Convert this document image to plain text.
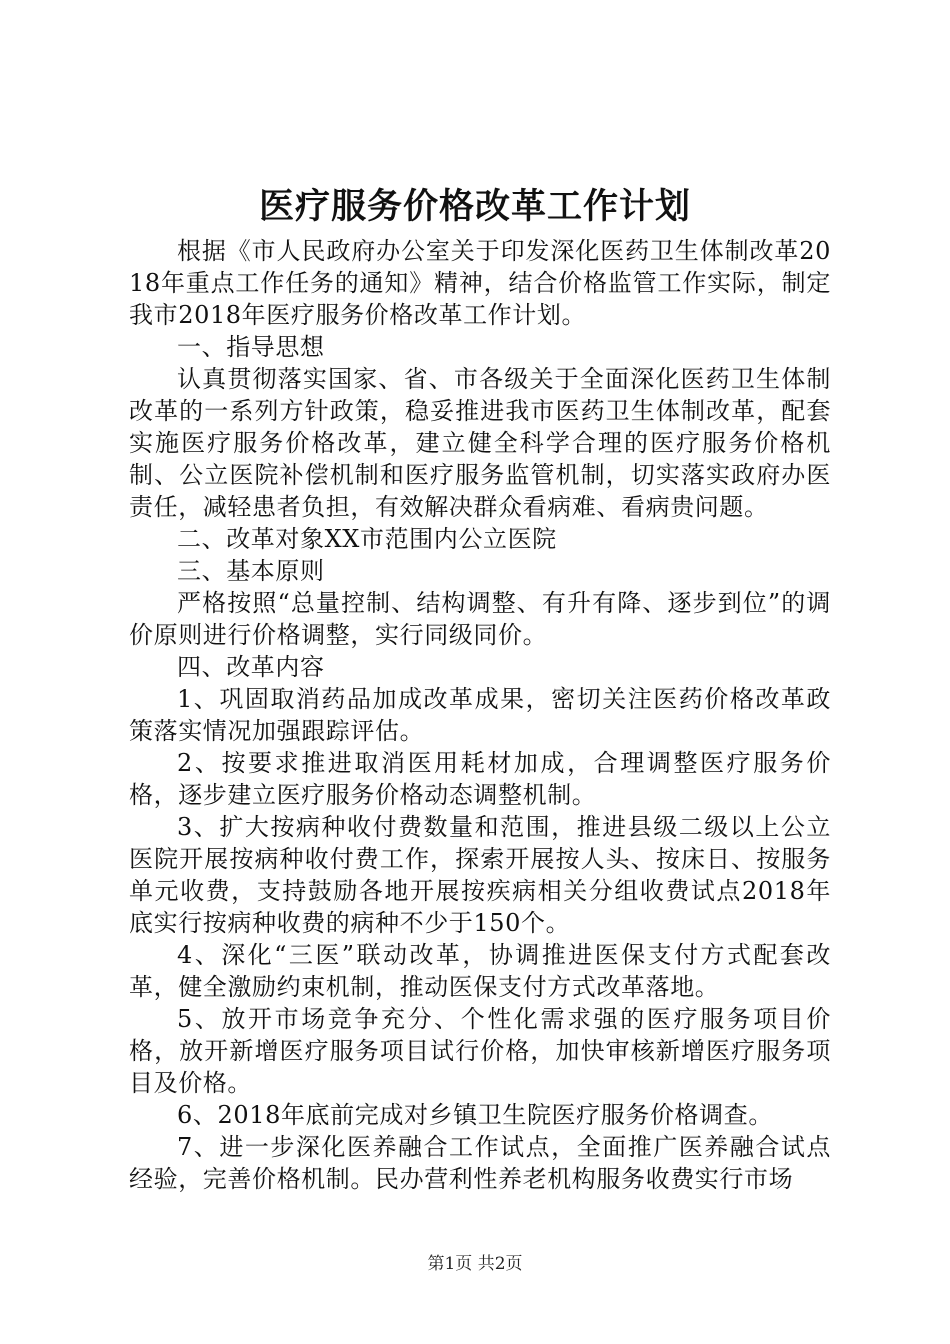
医疗服务价格改革工作计划

根据《市人民政府办公室关于印发深化医药卫生体制改革2018年重点工作任务的通知》精神，结合价格监管工作实际，制定我市2018年医疗服务价格改革工作计划。

一、指导思想

认真贯彻落实国家、省、市各级关于全面深化医药卫生体制改革的一系列方针政策，稳妥推进我市医药卫生体制改革，配套实施医疗服务价格改革，建立健全科学合理的医疗服务价格机制、公立医院补偿机制和医疗服务监管机制，切实落实政府办医责任，减轻患者负担，有效解决群众看病难、看病贵问题。

二、改革对象XX市范围内公立医院

三、基本原则

严格按照“总量控制、结构调整、有升有降、逐步到位”的调价原则进行价格调整，实行同级同价。

四、改革内容

1、巩固取消药品加成改革成果，密切关注医药价格改革政策落实情况加强跟踪评估。

2、按要求推进取消医用耗材加成，合理调整医疗服务价格，逐步建立医疗服务价格动态调整机制。

3、扩大按病种收付费数量和范围，推进县级二级以上公立医院开展按病种收付费工作，探索开展按人头、按床日、按服务单元收费，支持鼓励各地开展按疾病相关分组收费试点2018年底实行按病种收费的病种不少于150个。

4、深化“三医”联动改革，协调推进医保支付方式配套改革，健全激励约束机制，推动医保支付方式改革落地。

5、放开市场竞争充分、个性化需求强的医疗服务项目价格，放开新增医疗服务项目试行价格，加快审核新增医疗服务项目及价格。

6、2018年底前完成对乡镇卫生院医疗服务价格调查。

7、进一步深化医养融合工作试点，全面推广医养融合试点经验，完善价格机制。民办营利性养老机构服务收费实行市场

第1页 共2页
